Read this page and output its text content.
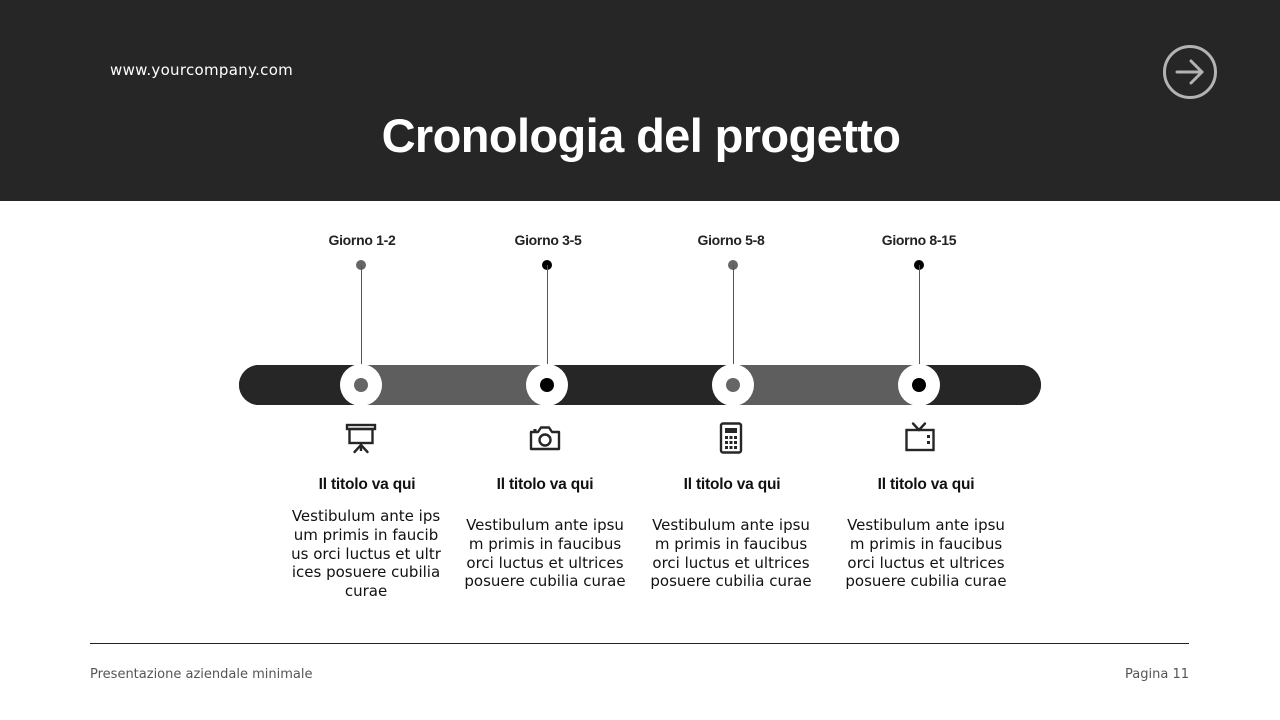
www.yourcompany.com
Cronologia del progetto
Giorno 1-2
Il titolo va qui
Vestibulum ante ipsum primis in faucibus orci luctus et ultrices posuere cubilia curae
Giorno 3-5
Il titolo va qui
Vestibulum ante ipsum primis in faucibus orci luctus et ultrices posuere cubilia curae
Giorno 5-8
Il titolo va qui
Vestibulum ante ipsum primis in faucibus orci luctus et ultrices posuere cubilia curae
Giorno 8-15
Il titolo va qui
Vestibulum ante ipsum primis in faucibus orci luctus et ultrices posuere cubilia curae
Presentazione aziendale minimale	Pagina 11
